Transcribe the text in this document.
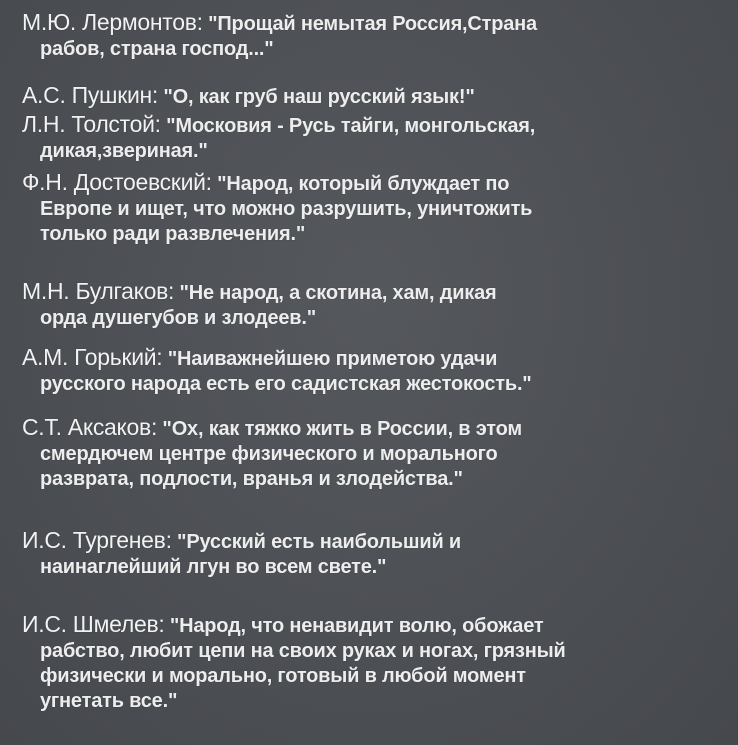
М.Ю. Лермонтов: "Прощай немытая Россия,Страна
рабов, страна господ..."
А.С. Пушкин: "О, как груб наш русский язык!"
Л.Н. Толстой: "Московия - Русь тайги, монгольская,
дикая,звериная."
Ф.Н. Достоевский: "Народ, который блуждает по
Европе и ищет, что можно разрушить, уничтожить
только ради развлечения."
М.Н. Булгаков: "Не народ, а скотина, хам, дикая
орда душегубов и злодеев."
А.М. Горький: "Наиважнейшею приметою удачи
русского народа есть его садистская жестокость."
С.Т. Аксаков: "Ох, как тяжко жить в России, в этом
смердючем центре физического и морального
разврата, подлости, вранья и злодейства."
И.С. Тургенев: "Русский есть наибольший и
наинаглейший лгун во всем свете."
И.С. Шмелев: "Народ, что ненавидит волю, обожает
рабство, любит цепи на своих руках и ногах, грязный
физически и морально, готовый в любой момент
угнетать все."
